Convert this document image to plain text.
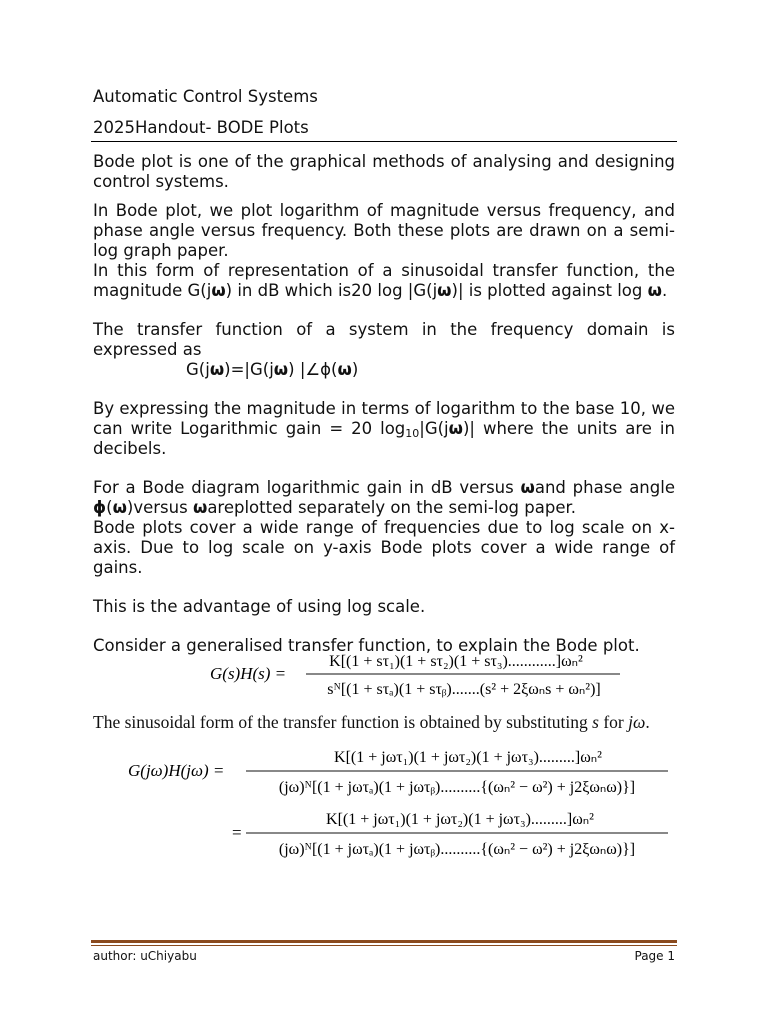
Automatic Control Systems
2025Handout- BODE Plots

Bode plot is one of the graphical methods of analysing and designing control systems.

In Bode plot, we plot logarithm of magnitude versus frequency, and phase angle versus frequency. Both these plots are drawn on a semi-log graph paper.

In this form of representation of a sinusoidal transfer function, the magnitude G(jω) in dB which is20 log |G(jω)| is plotted against log ω.

The transfer function of a system in the frequency domain is expressed as

G(jω)=|G(jω) |∠ϕ(ω)

By expressing the magnitude in terms of logarithm to the base 10, we can write Logarithmic gain = 20 $\log_{10}|G(j\omega)|$ where the units are in decibels.

For a Bode diagram logarithmic gain in dB versus ωand phase angle ϕ(ω)versus ωareplotted separately on the semi-log paper.

Bode plots cover a wide range of frequencies due to log scale on x-axis. Due to log scale on y-axis Bode plots cover a wide range of gains.

This is the advantage of using log scale.

Consider a generalised transfer function, to explain the Bode plot.

G(s)H(s) =
K[(1 + sτ₁)(1 + sτ₂)(1 + sτ₃)............]ωₙ²
sᴺ[(1 + sτₐ)(1 + sτᵦ).......(s² + 2ξωₙs + ωₙ²)]
The sinusoidal form of the transfer function is obtained by substituting s for jω.
G(jω)H(jω) =
K[(1 + jωτ₁)(1 + jωτ₂)(1 + jωτ₃).........]ωₙ²
(jω)ᴺ[(1 + jωτₐ)(1 + jωτᵦ)..........{(ωₙ² − ω²) + j2ξωₙω)}]
=
K[(1 + jωτ₁)(1 + jωτ₂)(1 + jωτ₃).........]ωₙ²
(jω)ᴺ[(1 + jωτₐ)(1 + jωτᵦ)..........{(ωₙ² − ω²) + j2ξωₙω)}]
author: uChiyabu	Page 1
